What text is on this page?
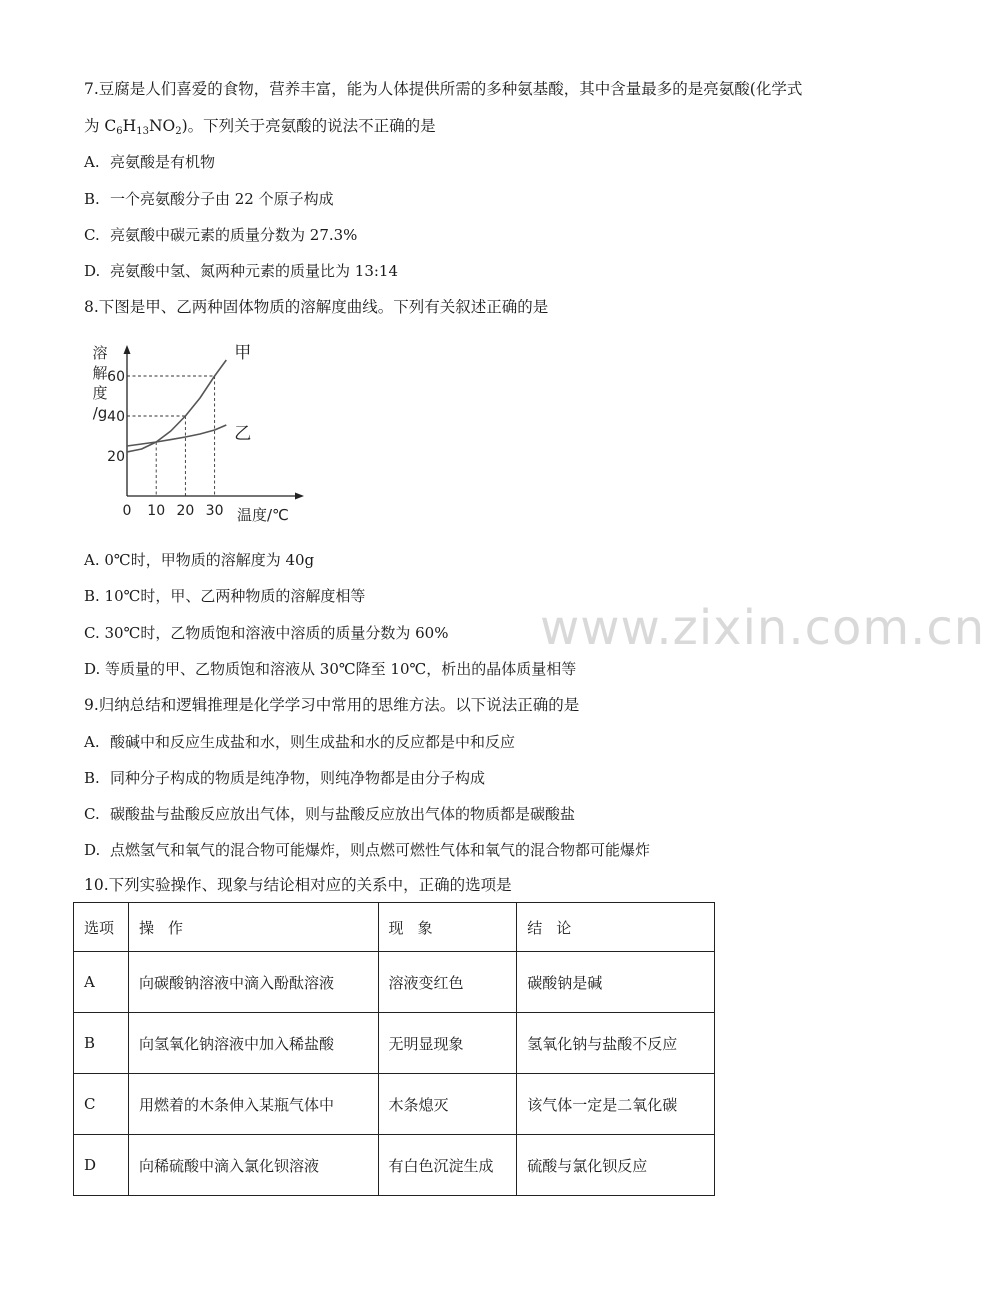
7.豆腐是人们喜爱的食物，营养丰富，能为人体提供所需的多种氨基酸，其中含量最多的是亮氨酸(化学式
为 $C_6H_{13}NO_2$)。下列关于亮氨酸的说法不正确的是
A. 亮氨酸是有机物
B. 一个亮氨酸分子由 22 个原子构成
C. 亮氨酸中碳元素的质量分数为 27.3%
D. 亮氨酸中氢、氮两种元素的质量比为 13:14
8.下图是甲、乙两种固体物质的溶解度曲线。下列有关叙述正确的是
甲
乙
0 10 20 30
20
40
60
溶
解
度
/g
温度/℃
A. 0℃时，甲物质的溶解度为 40g
B. 10℃时，甲、乙两种物质的溶解度相等
C. 30℃时，乙物质饱和溶液中溶质的质量分数为 60%
D. 等质量的甲、乙物质饱和溶液从 30℃降至 10℃，析出的晶体质量相等
www.zixin.com.cn
9.归纳总结和逻辑推理是化学学习中常用的思维方法。以下说法正确的是
A. 酸碱中和反应生成盐和水，则生成盐和水的反应都是中和反应
B. 同种分子构成的物质是纯净物，则纯净物都是由分子构成
C. 碳酸盐与盐酸反应放出气体，则与盐酸反应放出气体的物质都是碳酸盐
D. 点燃氢气和氧气的混合物可能爆炸，则点燃可燃性气体和氧气的混合物都可能爆炸
10.下列实验操作、现象与结论相对应的关系中，正确的选项是
选项	操作	现象	结论
A	向碳酸钠溶液中滴入酚酞溶液	溶液变红色	碳酸钠是碱
B	向氢氧化钠溶液中加入稀盐酸	无明显现象	氢氧化钠与盐酸不反应
C	用燃着的木条伸入某瓶气体中	木条熄灭	该气体一定是二氧化碳
D	向稀硫酸中滴入氯化钡溶液	有白色沉淀生成	硫酸与氯化钡反应
